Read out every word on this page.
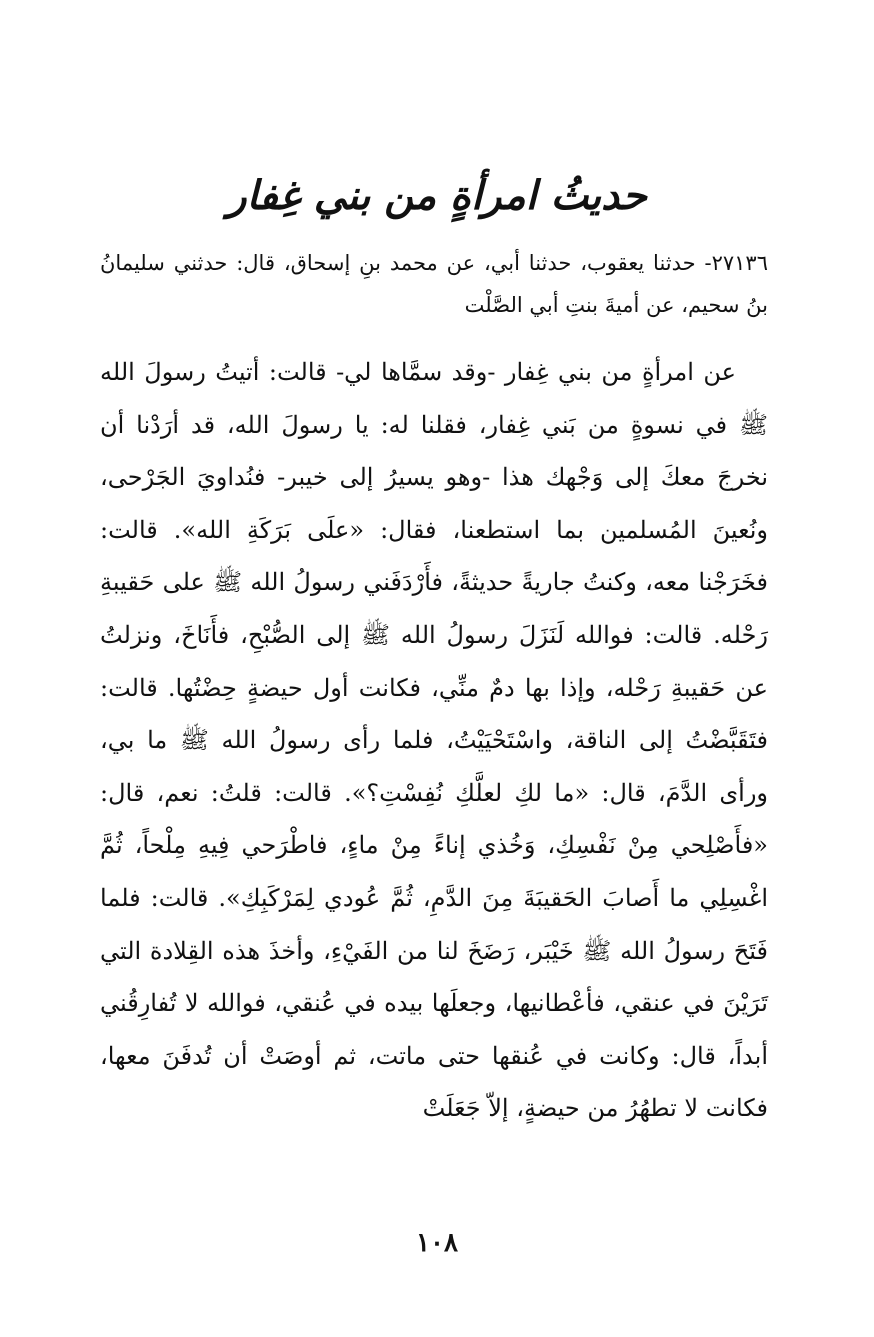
حديثُ امرأةٍ من بني غِفار

٢٧١٣٦- حدثنا يعقوب، حدثنا أبي، عن محمد بنِ إسحاق، قال: حدثني سليمانُ بنُ سحيم، عن أميةَ بنتِ أبي الصَّلْت

عن امرأةٍ من بني غِفار -وقد سمَّاها لي- قالت: أتيتُ رسولَ الله ﷺ في نسوةٍ من بَني غِفار، فقلنا له: يا رسولَ الله، قد أرَدْنا أن نخرجَ معكَ إلى وَجْهك هذا -وهو يسيرُ إلى خيبر- فنُداويَ الجَرْحى، ونُعينَ المُسلمين بما استطعنا، فقال: «علَى بَرَكَةِ الله». قالت: فخَرَجْنا معه، وكنتُ جاريةً حديثةً، فأَرْدَفَني رسولُ الله ﷺ على حَقيبةِ رَحْله. قالت: فوالله لَنَزَلَ رسولُ الله ﷺ إلى الصُّبْحِ، فأَنَاخَ، ونزلتُ عن حَقيبةِ رَحْله، وإذا بها دمٌ منِّي، فكانت أول حيضةٍ حِضْتُها. قالت: فتَقَبَّضْتُ إلى الناقة، واسْتَحْيَيْتُ، فلما رأى رسولُ الله ﷺ ما بي، ورأى الدَّمَ، قال: «ما لكِ لعلَّكِ نُفِسْتِ؟». قالت: قلتُ: نعم، قال: «فأَصْلِحي مِنْ نَفْسِكِ، وَخُذي إناءً مِنْ ماءٍ، فاطْرَحي فِيهِ مِلْحاً، ثُمَّ اغْسِلِي ما أَصابَ الحَقيبَةَ مِنَ الدَّمِ، ثُمَّ عُودي لِمَرْكَبِكِ». قالت: فلما فَتَحَ رسولُ الله ﷺ خَيْبَر، رَضَخَ لنا من الفَيْءِ، وأخذَ هذه القِلادة التي تَرَيْنَ في عنقي، فأعْطانيها، وجعلَها بيده في عُنقي، فوالله لا تُفارِقُني أبداً، قال: وكانت في عُنقها حتى ماتت، ثم أوصَتْ أن تُدفَنَ معها، فكانت لا تطهُرُ من حيضةٍ، إلاّ جَعَلَتْ

١٠٨
